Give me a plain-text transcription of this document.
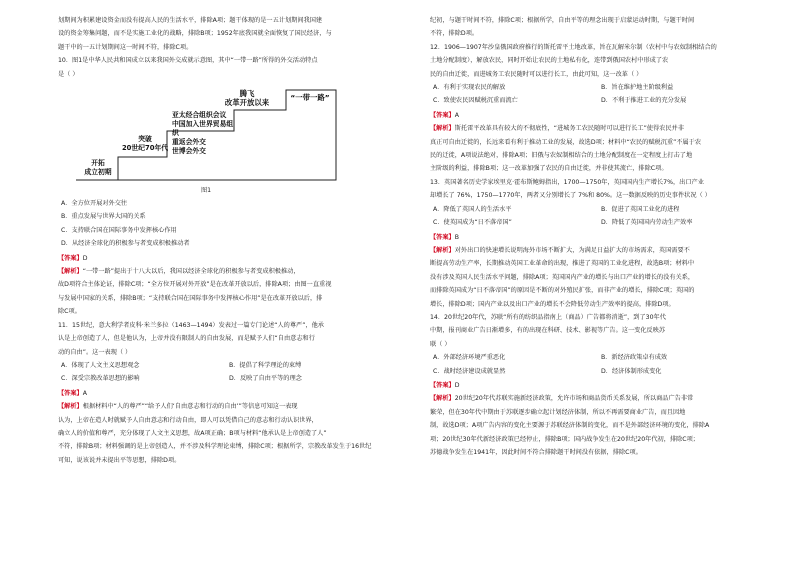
划期间为积累建设资金而没有提高人民的生活水平，排除A项；题干体现的是一五计划期间我国建

设的资金筹集问题，而不是实施工业化的战略，排除B项；1952年底我国就全面恢复了国民经济，与

题干中的一五计划期间这一时间不符，排除C项。

10．图1是中华人民共和国成立以来我国外交成就示意图，其中“一带一路”所得的外交活动特点

是（ ）

开拓
成立初期
突破
20世纪70年代
腾飞
改革开放以来
亚太经合组织会议
中国加入世界贸易组织
重返会外交
世博会外交
“一带一路”

图1

A．全方位开展对外交往

B．重点发展与世界大国的关系

C．支持联合国在国际事务中发挥核心作用

D．从经济全球化的积极参与者变成积极推动者

【答案】D

【解析】“一带一路”提出于十八大以后，我国以经济全球化的积极参与者变成积极推动，

故D项符合主体论证，排除C项；“全方位开展对外开放”是在改革开放以后，排除A项；由图一直重视

与发展中国家的关系，排除B项；“支持联合国在国际事务中发挥核心作用”是在改革开放以后，排

除C项。

11．15世纪，意大利学者皮科·米兰多拉（1463—1494）发表过一篇专门论述“人的尊严”，他承

认是上帝创造了人，但是他认为，上帝并没有限制人的自由发展，而是赋予人们“自由意志和行

动的自由”。这一表现（ ）

A．体现了人文主义思想观念	B．提倡了科学理论的束缚

C．深受宗教改革思想的影响	D．反映了自由平等的理念

【答案】A

【解析】根据材料中“人的尊严”“给予人们‘自由意志和行动的自由’”等信息可知这一表现

认为，上帝在造人时就赋予人自由意志和行动自由，即人可以凭借自己的意志和行动认识世界，

确立人的价值和尊严，充分体现了人文主义思想，故A项正确；B项与材料“他承认是上帝创造了人”

不符，排除B项；材料强调的是上帝创造人，并不涉及科学理论束缚，排除C项；根据所学，宗教改革发生于16世纪

可知，说该说并未提出平等思想，排除D项。

纪初，与题干时间不符，排除C项；根据所学，自由平等的理念出现于启蒙运动时期，与题干时间

不符，排除D项。

12．1906—1907年沙皇俄国政府推行的斯托雷平土地改革，旨在瓦解米尔制（农村中与农奴制相结合的

土地分配制度），解放农民，同时开始让农民的土地私有化，连带到俄国农村中形成了农

民的自由迁徙，而进城务工农民随时可以进行长工，由此可知，这一改革（ ）

A．有利于实现农民的解放	B．旨在维护地主阶级利益

C．致使农民因赋税沉重而流亡	D．不利于推进工业的充分发展

【答案】A

【解析】斯托雷平改革具有较大的不彻底性，“进城务工农民随时可以进行长工”使得农民并非

真正可自由迁徙的，长远来看有利于推动工业的发展，故选D项；材料中“农民的赋税沉重”不属于农

民的迁徙，A项说法绝对，排除A项；旧俄与农奴制相结合的土地分配制度在一定程度上打击了地

主阶级的利益，排除B项；这一改革加强了农民的自由迁徙，并非使其流亡，排除C项。

13．英国著名历史学家埃里克·霍布斯鲍姆指出，1700—1750年，英国国内生产增长7%，出口产业

却增长了 76%，1750—1770年，两者又分别增长了 7%和 80%。这一数据反映的历史事件状况（ ）

A．降低了英国人的生活水平	B．促进了英国工业化的进程

C．使英国成为“日不落帝国”	D．降低了英国国内劳动生产效率

【答案】B

【解析】对外出口的快速增长说明海外市场不断扩大，为满足日益扩大的市场需求，英国需要不

断提高劳动生产率，长期推动英国工业革命的出现，推进了英国的工业化进程，故选B项；材料中

没有涉及英国人民生活水平问题，排除A项；英国国内产业的增长与出口产业的增长的没有关系，

而排除英国成为“日不落帝国”的原因是不断的对外殖民扩张，而非产业的增长，排除C项；英国的

增长，排除D项；国内产业以及出口产业的增长不会降低劳动生产效率的提高，排除D项。

14．20世纪20年代，苏联“所有的纺织品指南上（商品）广告都将消逝”，到了30年代

中期，报刊商业广告日渐增多，有的出现在科研、技术、影视等广告。这一变化反映苏

联（ ）

A．外部经济环境严重恶化	B．新经济政策卓有成效

C．战时经济建设成就显然	D．经济体制形成变化

【答案】D

【解析】20世纪20年代苏联实施新经济政策，允许市场和商品货币关系发展，所以商品广告非常

繁荣，但在30年代中期由于苏联逐步确立起计划经济体制，所以不再需要商业广告，而且因地

制，故选D项；A项广告内容的变化主要源于苏联经济体制的变化，而不是外部经济环境的变化，排除A

项；20世纪30年代新经济政策已经停止，排除B项；国内战争发生在20世纪20年代初，排除C项；

苏德战争发生在1941年，因此时间不符合排除题干时间没有依据，排除C项。
